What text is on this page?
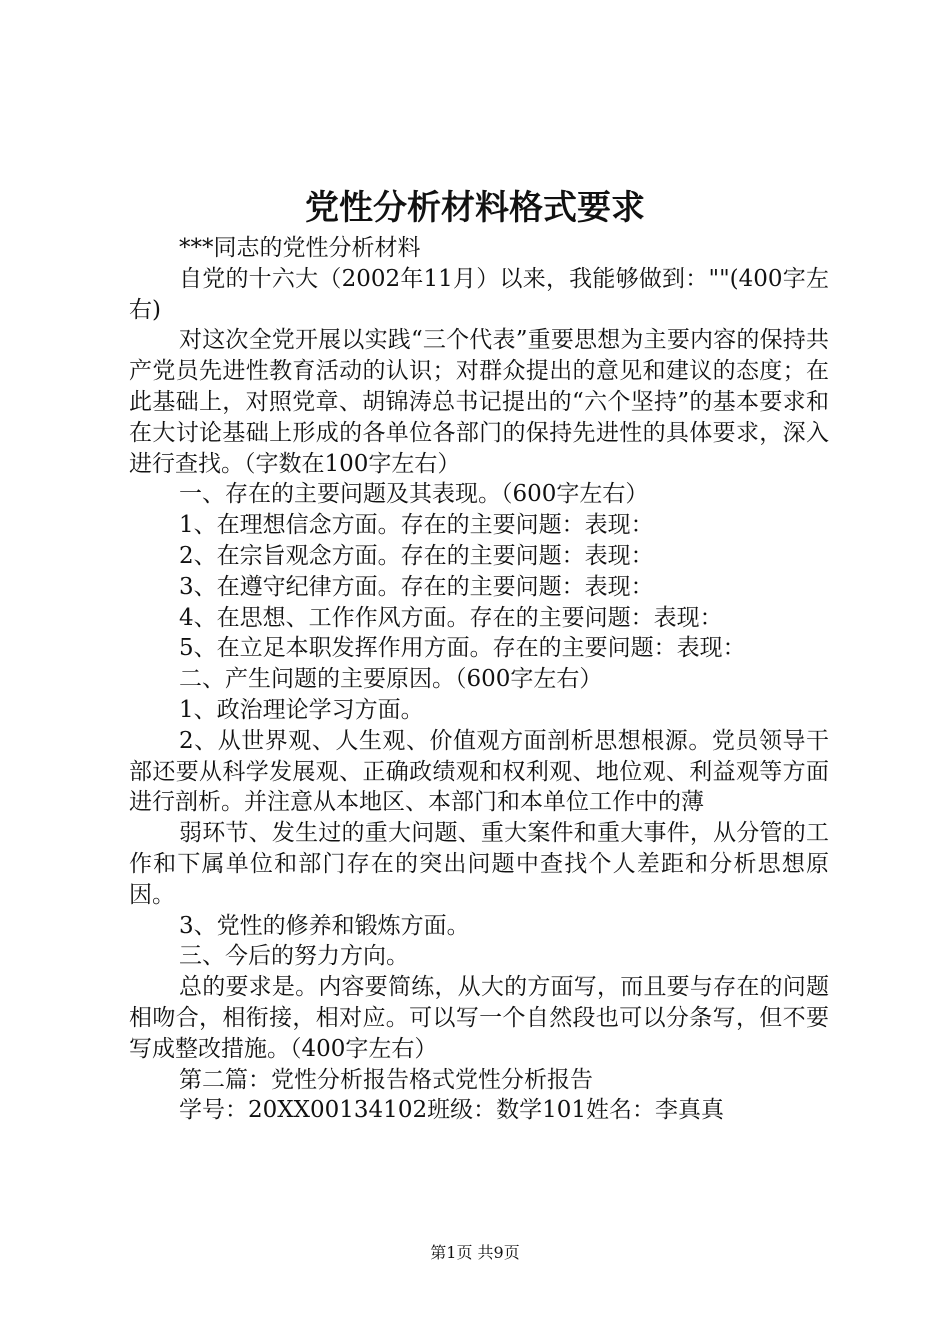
党性分析材料格式要求

***同志的党性分析材料

自党的十六大（2002年11月）以来，我能够做到：""(400字左右)

对这次全党开展以实践“三个代表”重要思想为主要内容的保持共产党员先进性教育活动的认识；对群众提出的意见和建议的态度；在此基础上，对照党章、胡锦涛总书记提出的“六个坚持”的基本要求和在大讨论基础上形成的各单位各部门的保持先进性的具体要求，深入进行查找。（字数在100字左右）

一、存在的主要问题及其表现。（600字左右）

1、在理想信念方面。存在的主要问题：表现：

2、在宗旨观念方面。存在的主要问题：表现：

3、在遵守纪律方面。存在的主要问题：表现：

4、在思想、工作作风方面。存在的主要问题：表现：

5、在立足本职发挥作用方面。存在的主要问题：表现：

二、产生问题的主要原因。（600字左右）

1、政治理论学习方面。

2、从世界观、人生观、价值观方面剖析思想根源。党员领导干部还要从科学发展观、正确政绩观和权利观、地位观、利益观等方面进行剖析。并注意从本地区、本部门和本单位工作中的薄

弱环节、发生过的重大问题、重大案件和重大事件，从分管的工作和下属单位和部门存在的突出问题中查找个人差距和分析思想原因。

3、党性的修养和锻炼方面。

三、今后的努力方向。

总的要求是。内容要简练，从大的方面写，而且要与存在的问题相吻合，相衔接，相对应。可以写一个自然段也可以分条写，但不要写成整改措施。（400字左右）

第二篇：党性分析报告格式党性分析报告

学号：20XX00134102班级：数学101姓名：李真真

第1页 共9页
